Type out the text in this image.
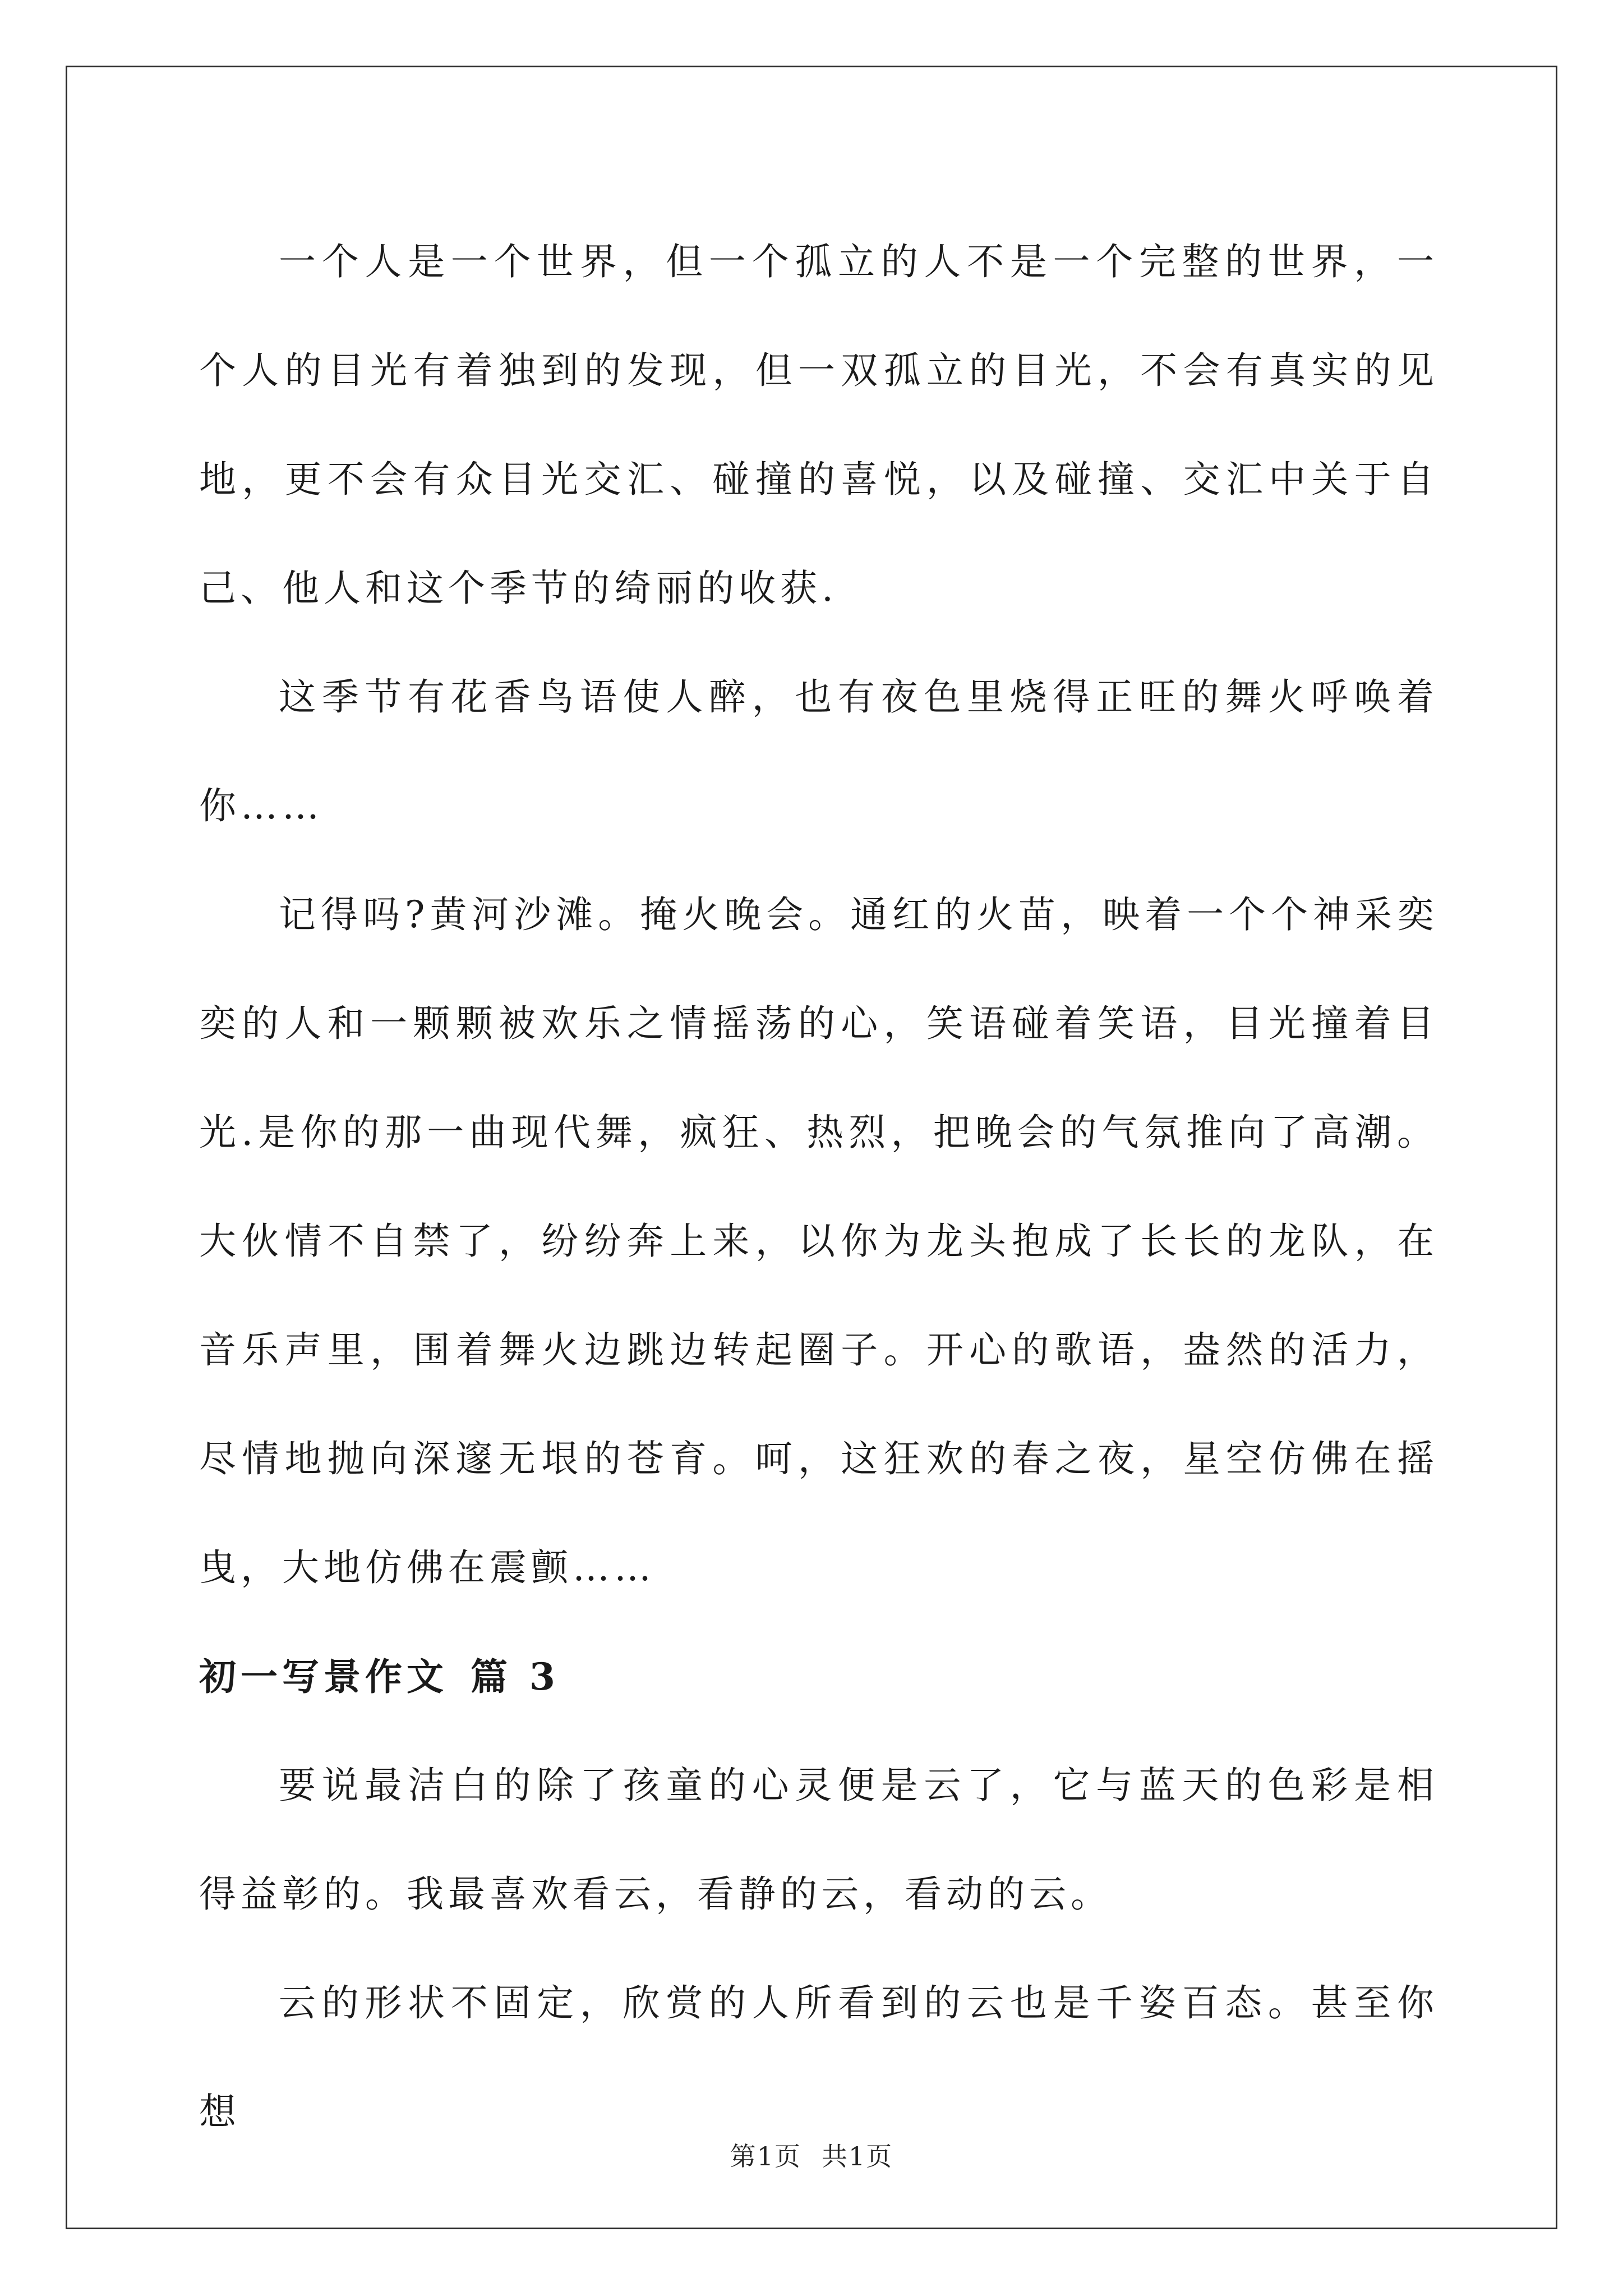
一个人是一个世界，但一个孤立的人不是一个完整的世界，一个人的目光有着独到的发现，但一双孤立的目光，不会有真实的见地，更不会有众目光交汇、碰撞的喜悦，以及碰撞、交汇中关于自己、他人和这个季节的绮丽的收获.

这季节有花香鸟语使人醉，也有夜色里烧得正旺的舞火呼唤着你……

记得吗?黄河沙滩。掩火晚会。通红的火苗，映着一个个神采奕奕的人和一颗颗被欢乐之情摇荡的心，笑语碰着笑语，目光撞着目光.是你的那一曲现代舞，疯狂、热烈，把晚会的气氛推向了高潮。大伙情不自禁了，纷纷奔上来，以你为龙头抱成了长长的龙队，在音乐声里，围着舞火边跳边转起圈子。开心的歌语，盎然的活力，尽情地抛向深邃无垠的苍育。呵，这狂欢的春之夜，星空仿佛在摇曳，大地仿佛在震颤……

初一写景作文 篇 3

要说最洁白的除了孩童的心灵便是云了，它与蓝天的色彩是相得益彰的。我最喜欢看云，看静的云，看动的云。

云的形状不固定，欣赏的人所看到的云也是千姿百态。甚至你想

第1页 共1页
